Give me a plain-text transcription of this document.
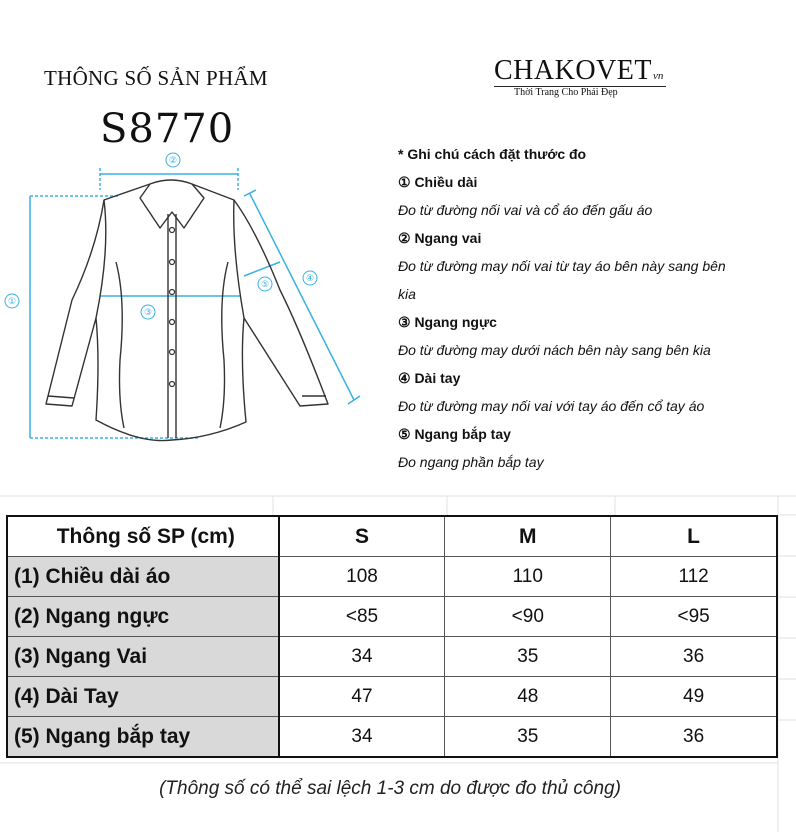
THÔNG SỐ SẢN PHẨM
S8770
CHAKOVETvn
Thời Trang Cho Phái Đẹp
②
③
④
⑤
①
* Ghi chú cách đặt thước đo
① Chiều dài
Đo từ đường nối vai và cổ áo đến gấu áo
② Ngang vai
Đo từ đường may nối vai từ tay áo bên này sang bên
kia
③ Ngang ngực
Đo từ đường may dưới nách bên này sang bên kia
④ Dài tay
Đo từ đường may nối vai với tay áo đến cổ tay áo
⑤ Ngang bắp tay
Đo ngang phần bắp tay
Thông số SP (cm)	S	M	L
(1) Chiều dài áo	108	110	112
(2) Ngang ngực	<85	<90	<95
(3) Ngang Vai	34	35	36
(4) Dài Tay	47	48	49
(5) Ngang bắp tay	34	35	36
(Thông số có thể sai lệch 1-3 cm do được đo thủ công)
